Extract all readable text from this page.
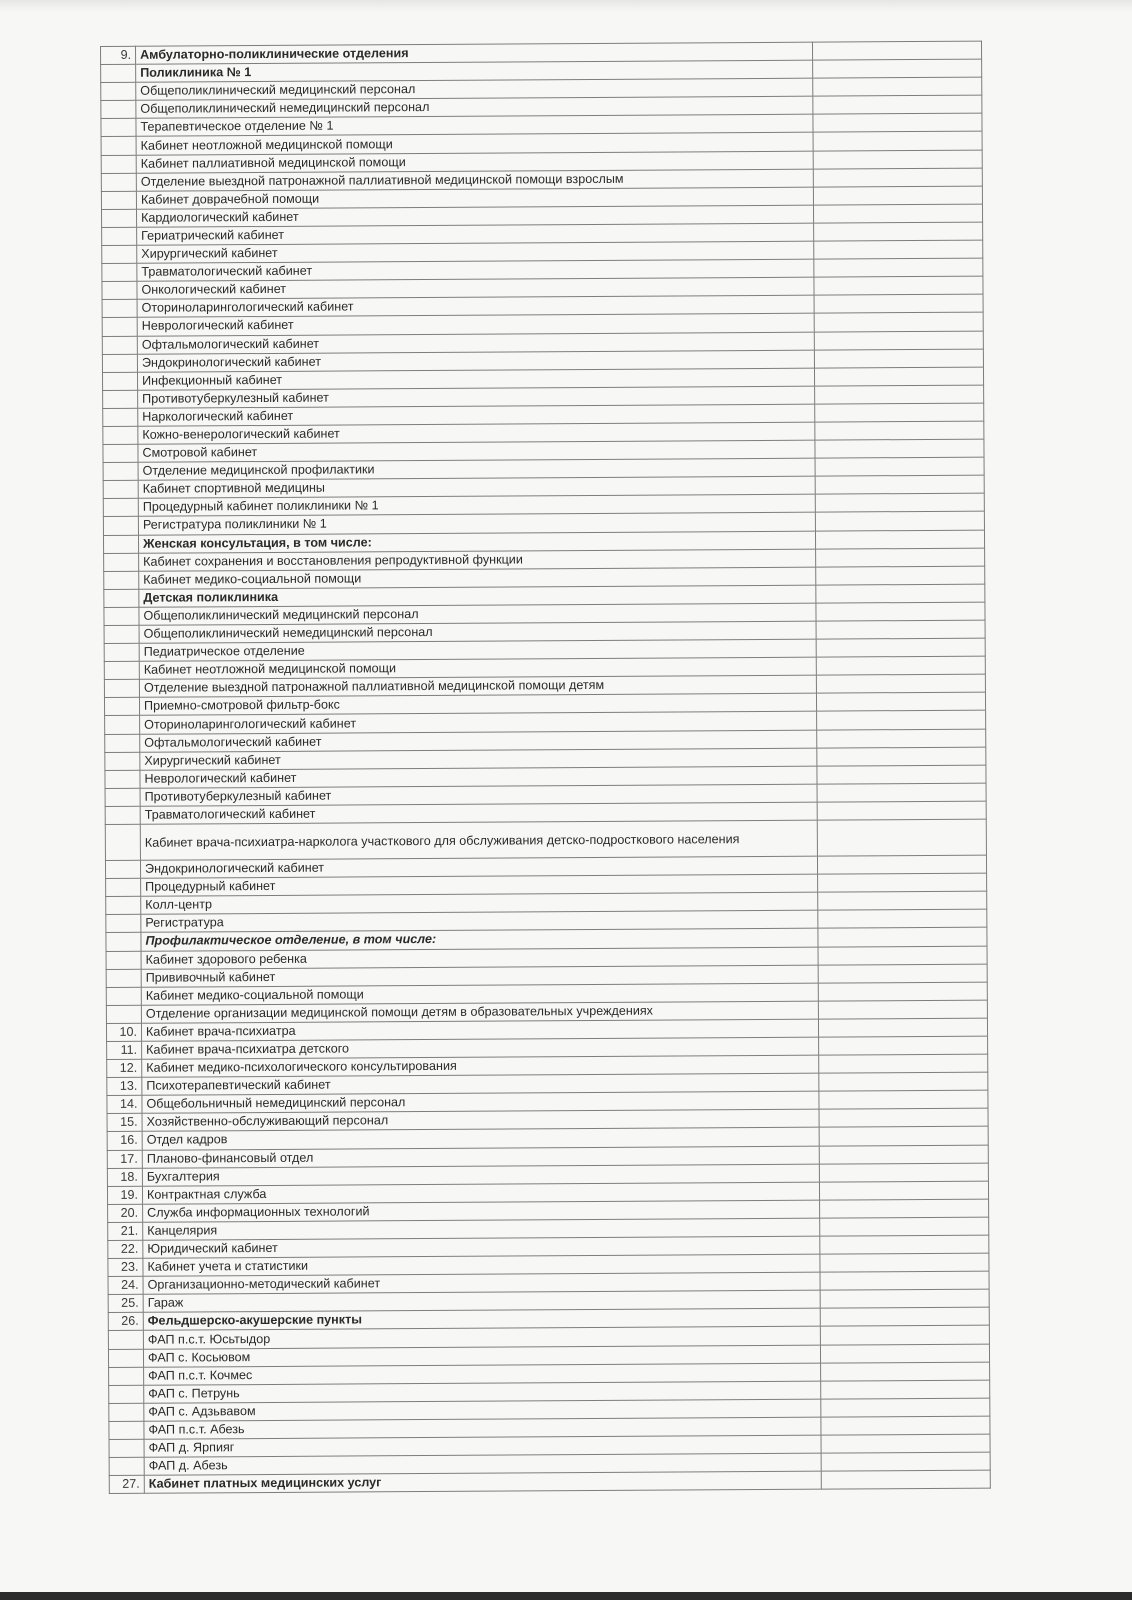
9.	Амбулаторно-поликлинические отделения	
	Поликлиника № 1	
	Общеполиклинический медицинский персонал	
	Общеполиклинический немедицинский персонал	
	Терапевтическое отделение № 1	
	Кабинет неотложной медицинской помощи	
	Кабинет паллиативной медицинской помощи	
	Отделение выездной патронажной паллиативной медицинской помощи взрослым	
	Кабинет доврачебной помощи	
	Кардиологический кабинет	
	Гериатрический кабинет	
	Хирургический кабинет	
	Травматологический кабинет	
	Онкологический кабинет	
	Оториноларингологический кабинет	
	Неврологический кабинет	
	Офтальмологический кабинет	
	Эндокринологический кабинет	
	Инфекционный кабинет	
	Противотуберкулезный кабинет	
	Наркологический кабинет	
	Кожно-венерологический кабинет	
	Смотровой кабинет	
	Отделение медицинской профилактики	
	Кабинет спортивной медицины	
	Процедурный кабинет поликлиники № 1	
	Регистратура поликлиники № 1	
	Женская консультация, в том числе:	
	Кабинет сохранения и восстановления репродуктивной функции	
	Кабинет медико-социальной помощи	
	Детская поликлиника	
	Общеполиклинический медицинский персонал	
	Общеполиклинический немедицинский персонал	
	Педиатрическое отделение	
	Кабинет неотложной медицинской помощи	
	Отделение выездной патронажной паллиативной медицинской помощи детям	
	Приемно-смотровой фильтр-бокс	
	Оториноларингологический кабинет	
	Офтальмологический кабинет	
	Хирургический кабинет	
	Неврологический кабинет	
	Противотуберкулезный кабинет	
	Травматологический кабинет	
	Кабинет врача-психиатра-нарколога участкового для обслуживания детско-подросткового населения	
	Эндокринологический кабинет	
	Процедурный кабинет	
	Колл-центр	
	Регистратура	
	Профилактическое отделение, в том числе:	
	Кабинет здорового ребенка	
	Прививочный кабинет	
	Кабинет медико-социальной помощи	
	Отделение организации медицинской помощи детям в образовательных учреждениях	
10.	Кабинет врача-психиатра	
11.	Кабинет врача-психиатра детского	
12.	Кабинет медико-психологического консультирования	
13.	Психотерапевтический кабинет	
14.	Общебольничный немедицинский персонал	
15.	Хозяйственно-обслуживающий персонал	
16.	Отдел кадров	
17.	Планово-финансовый отдел	
18.	Бухгалтерия	
19.	Контрактная служба	
20.	Служба информационных технологий	
21.	Канцелярия	
22.	Юридический кабинет	
23.	Кабинет учета и статистики	
24.	Организационно-методический кабинет	
25.	Гараж	
26.	Фельдшерско-акушерские пункты	
	ФАП п.с.т. Юсьтыдор	
	ФАП с. Косьювом	
	ФАП п.с.т. Кочмес	
	ФАП с. Петрунь	
	ФАП с. Адзьвавом	
	ФАП п.с.т. Абезь	
	ФАП д. Ярпияг	
	ФАП д. Абезь	
27.	Кабинет платных медицинских услуг	
